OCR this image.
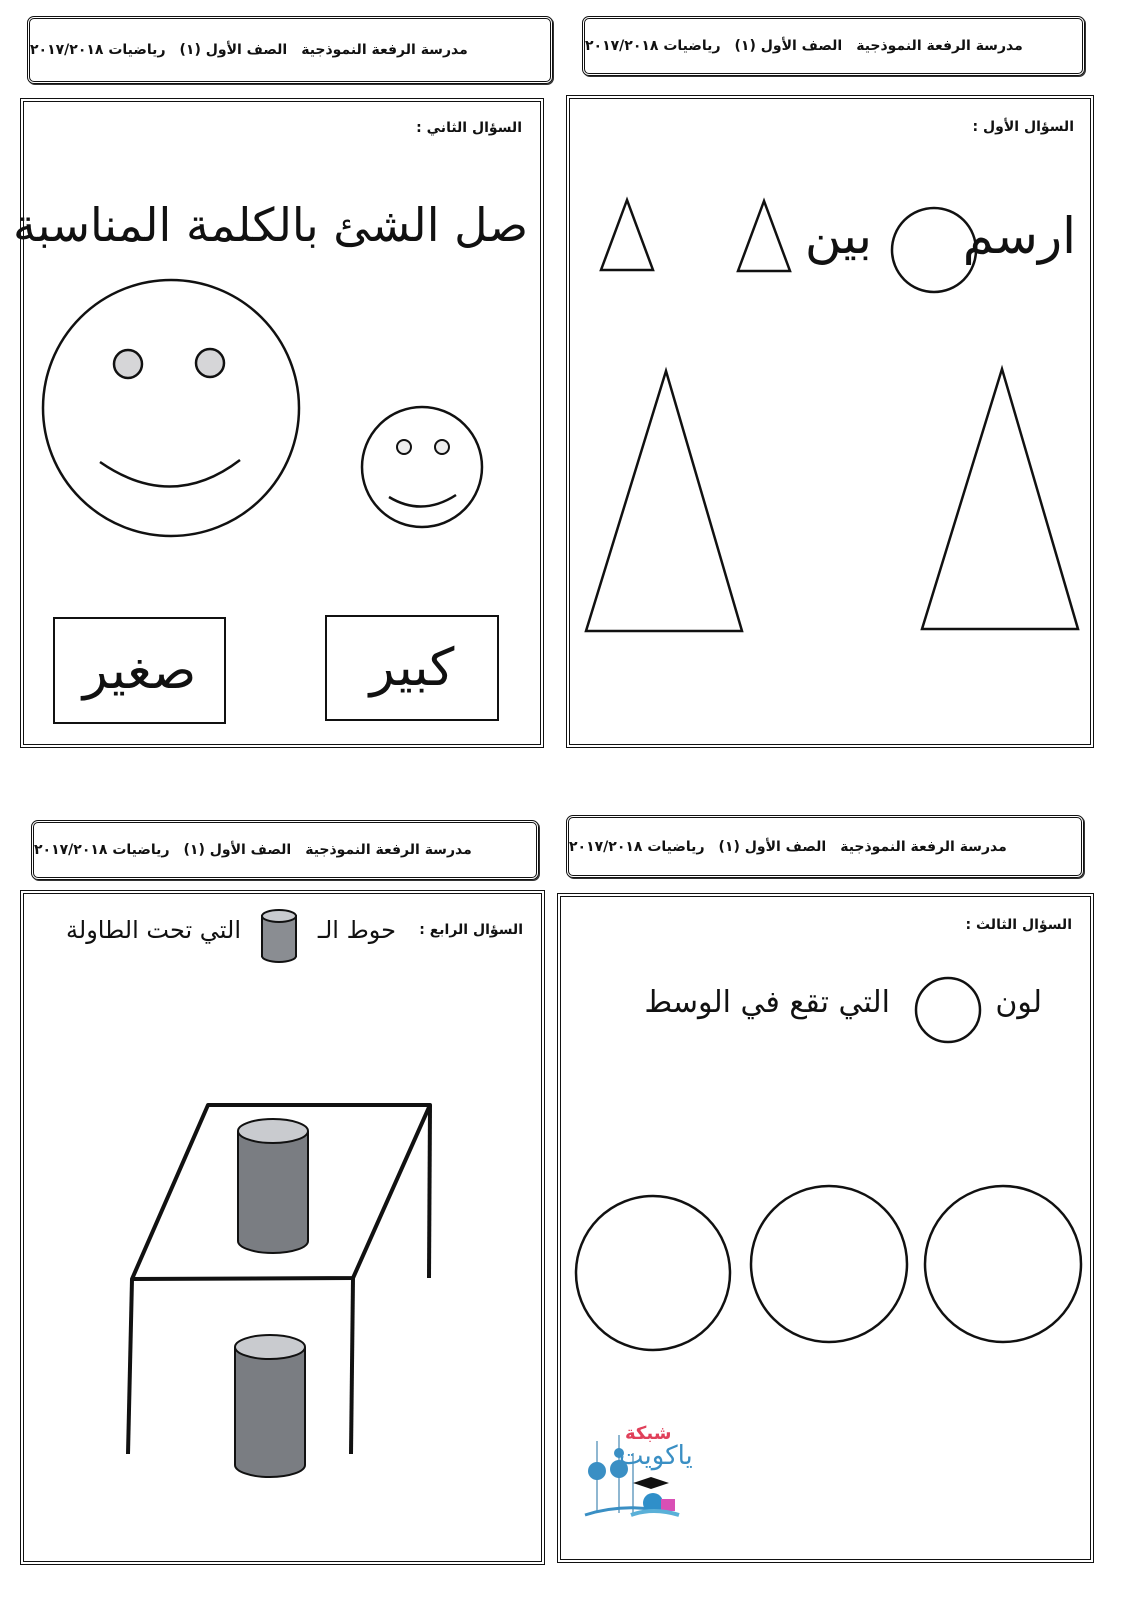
مدرسة الرفعة النموذجية
الصف الأول (١)
رياضيات ٢٠١٧/٢٠١٨
السؤال الأول :
ارسم
بين
مدرسة الرفعة النموذجية
الصف الأول (١)
رياضيات ٢٠١٧/٢٠١٨
السؤال الثاني :
صل الشئ بالكلمة المناسبة
صغير	كبير
مدرسة الرفعة النموذجية
الصف الأول (١)
رياضيات ٢٠١٧/٢٠١٨
السؤال الثالث :
لون
التي تقع في الوسط
شبكة
ياكويت
مدرسة الرفعة النموذجية
الصف الأول (١)
رياضيات ٢٠١٧/٢٠١٨
السؤال الرابع :
حوط الـ
التي تحت الطاولة
